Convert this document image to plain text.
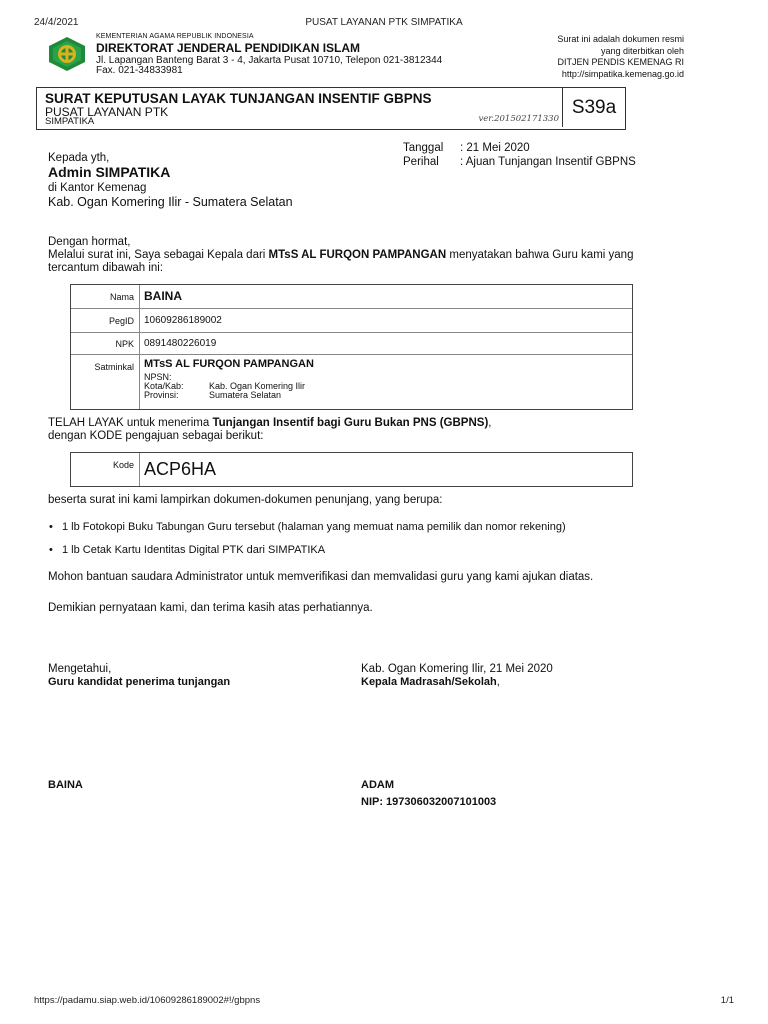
24/4/2021	PUSAT LAYANAN PTK SIMPATIKA
KEMENTERIAN AGAMA REPUBLIK INDONESIA
DIREKTORAT JENDERAL PENDIDIKAN ISLAM
Jl. Lapangan Banteng Barat 3 - 4, Jakarta Pusat 10710, Telepon 021-3812344
Fax. 021-34833981
Surat ini adalah dokumen resmi
yang diterbitkan oleh
DITJEN PENDIS KEMENAG RI
http://simpatika.kemenag.go.id
SURAT KEPUTUSAN LAYAK TUNJANGAN INSENTIF GBPNS
PUSAT LAYANAN PTK
SIMPATIKA	ver.201502171330
S39a
Tanggal : 21 Mei 2020
Perihal : Ajuan Tunjangan Insentif GBPNS
Kepada yth,
Admin SIMPATIKA
di Kantor Kemenag
Kab. Ogan Komering Ilir - Sumatera Selatan
Dengan hormat,
Melalui surat ini, Saya sebagai Kepala dari MTsS AL FURQON PAMPANGAN menyatakan bahwa Guru kami yang
tercantum dibawah ini:
Nama BAINA
PegID 10609286189002
NPK 0891480226019
Satminkal MTsS AL FURQON PAMPANGAN
NPSN:
Kota/Kab:	Kab. Ogan Komering Ilir
Provinsi:	Sumatera Selatan
TELAH LAYAK untuk menerima Tunjangan Insentif bagi Guru Bukan PNS (GBPNS),
dengan KODE pengajuan sebagai berikut:
Kode ACP6HA
beserta surat ini kami lampirkan dokumen-dokumen penunjang, yang berupa:
• 1 lb Fotokopi Buku Tabungan Guru tersebut (halaman yang memuat nama pemilik dan nomor rekening)
• 1 lb Cetak Kartu Identitas Digital PTK dari SIMPATIKA
Mohon bantuan saudara Administrator untuk memverifikasi dan memvalidasi guru yang kami ajukan diatas.
Demikian pernyataan kami, dan terima kasih atas perhatiannya.
Mengetahui,
Guru kandidat penerima tunjangan
BAINA
Kab. Ogan Komering Ilir, 21 Mei 2020
Kepala Madrasah/Sekolah,
ADAM
NIP: 197306032007101003
https://padamu.siap.web.id/10609286189002#!/gbpns	1/1
